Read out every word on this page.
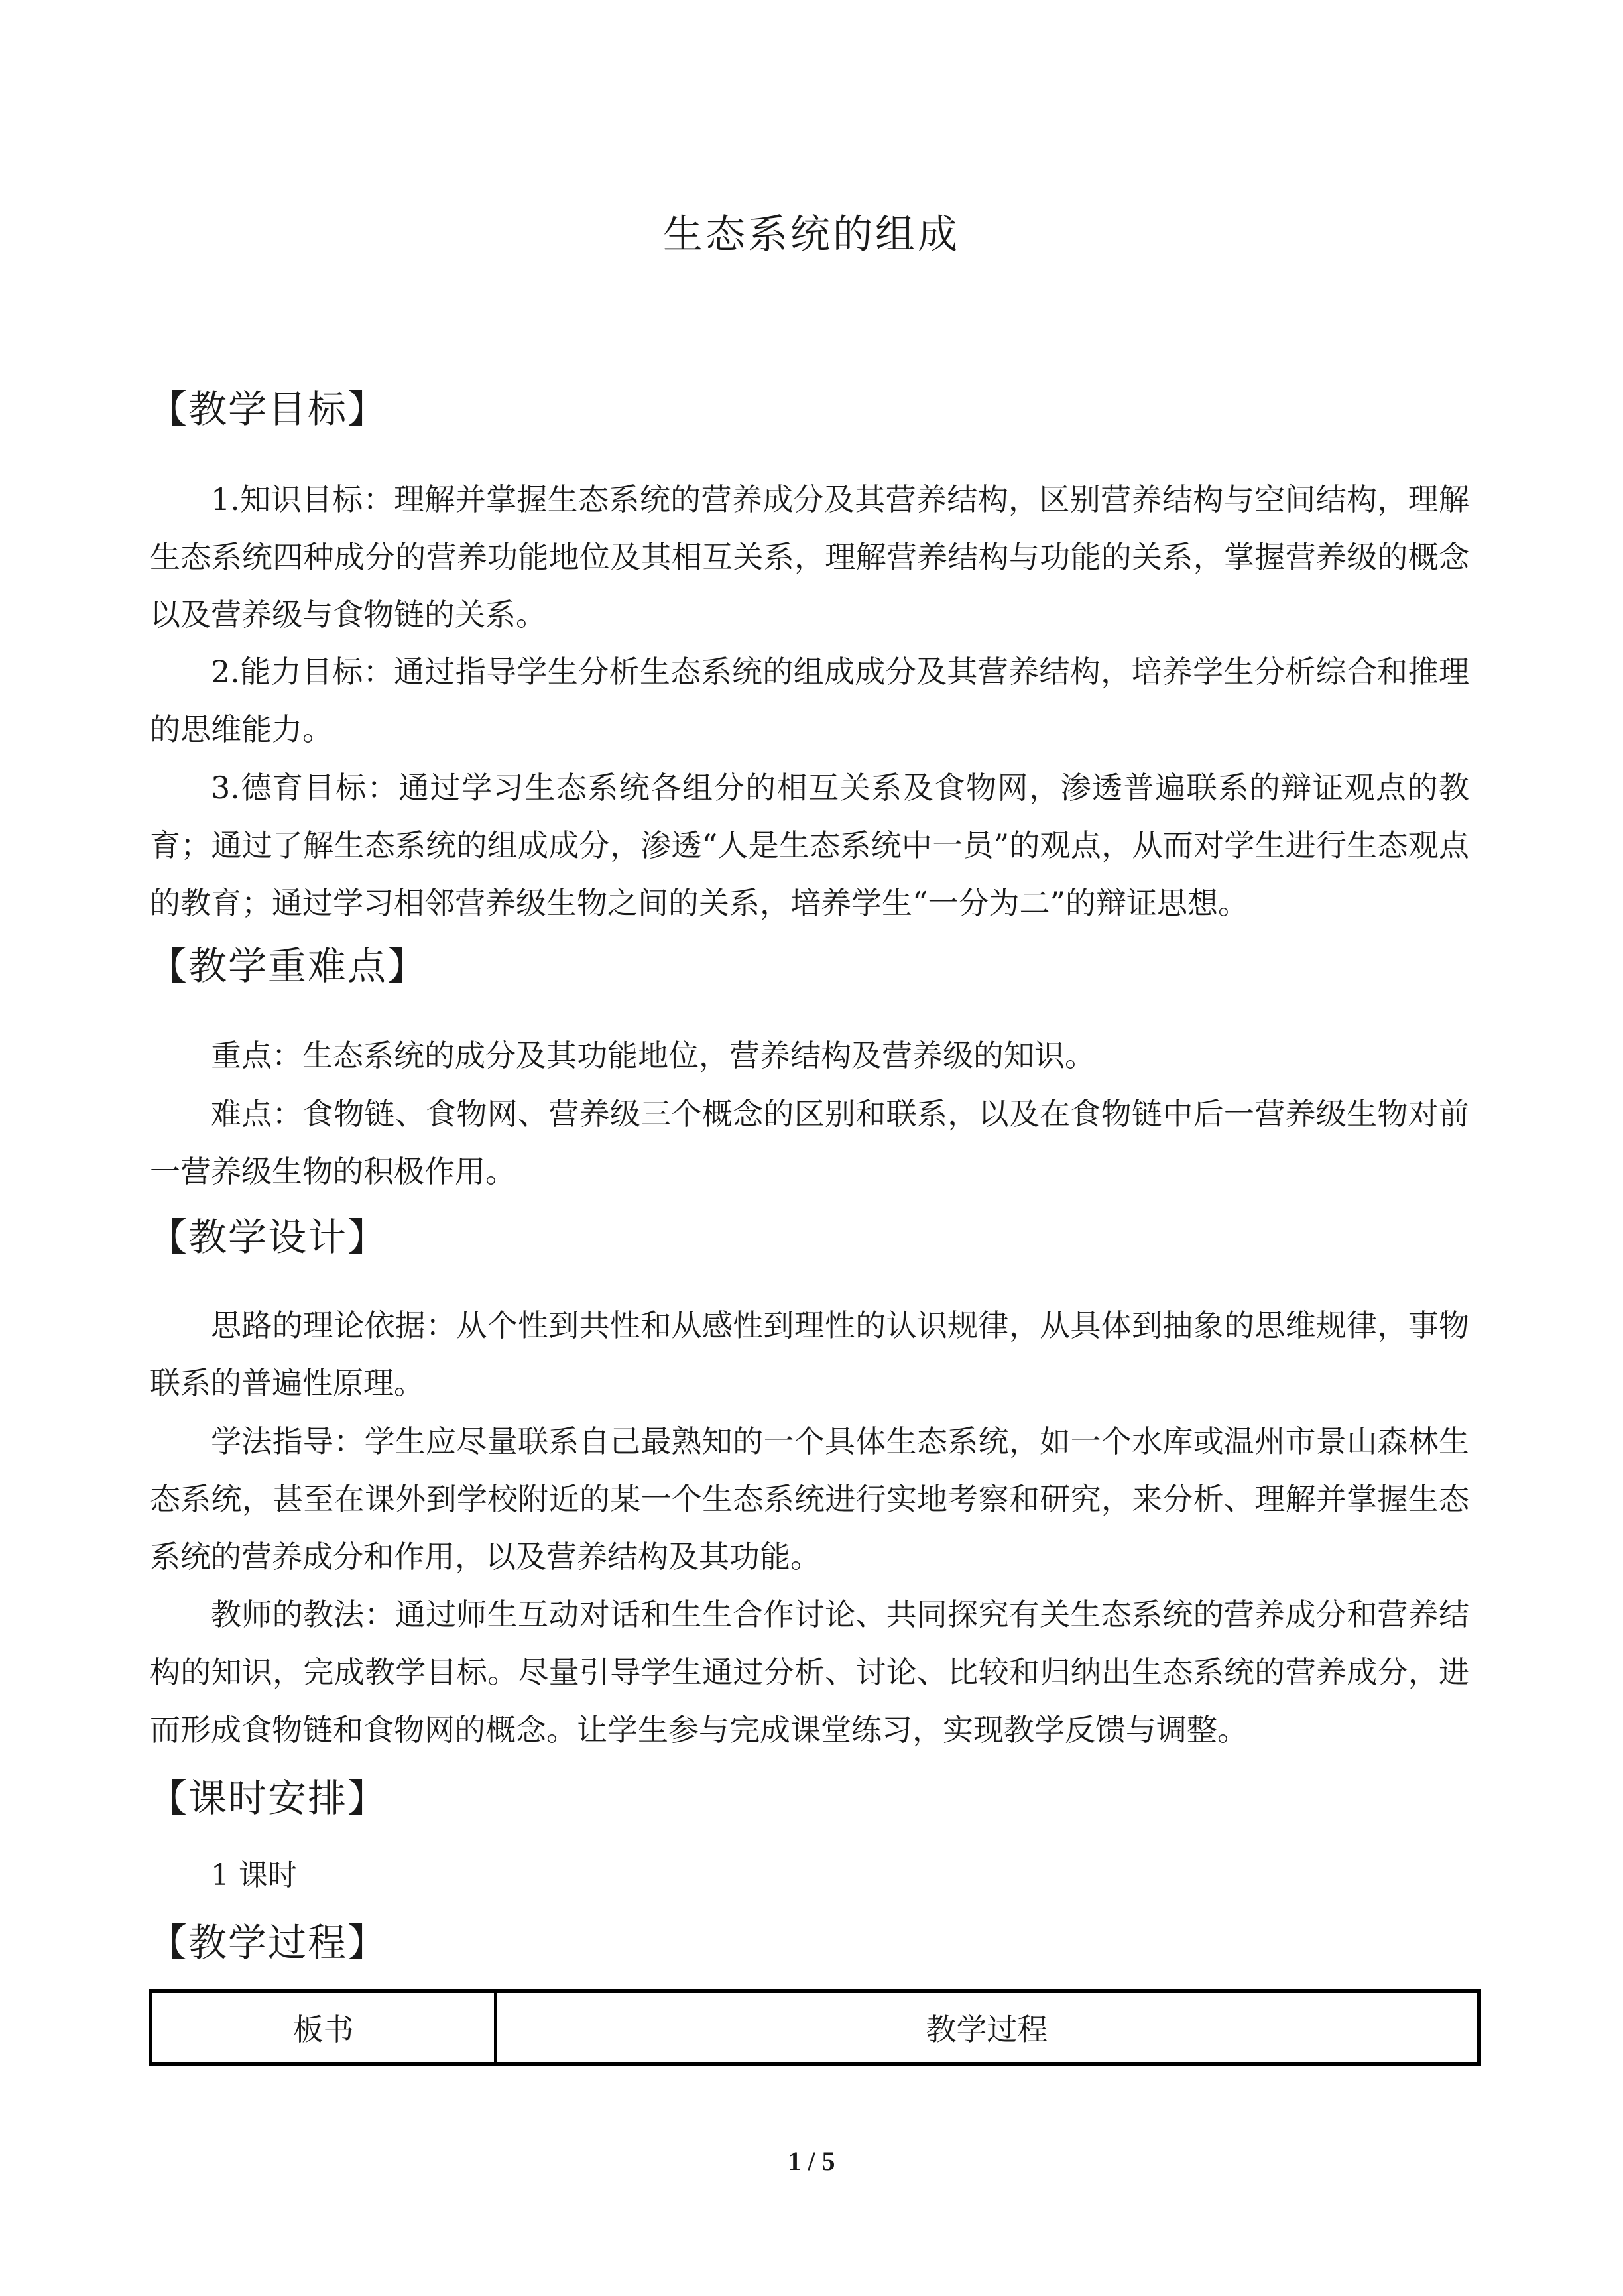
生态系统的组成
【教学目标】

1.知识目标：理解并掌握生态系统的营养成分及其营养结构，区别营养结构与空间结构，理解生态系统四种成分的营养功能地位及其相互关系，理解营养结构与功能的关系，掌握营养级的概念以及营养级与食物链的关系。

2.能力目标：通过指导学生分析生态系统的组成成分及其营养结构，培养学生分析综合和推理的思维能力。

3.德育目标：通过学习生态系统各组分的相互关系及食物网，渗透普遍联系的辩证观点的教育；通过了解生态系统的组成成分，渗透“人是生态系统中一员”的观点，从而对学生进行生态观点的教育；通过学习相邻营养级生物之间的关系，培养学生“一分为二”的辩证思想。

【教学重难点】

重点：生态系统的成分及其功能地位，营养结构及营养级的知识。

难点：食物链、食物网、营养级三个概念的区别和联系，以及在食物链中后一营养级生物对前一营养级生物的积极作用。

【教学设计】

思路的理论依据：从个性到共性和从感性到理性的认识规律，从具体到抽象的思维规律，事物联系的普遍性原理。

学法指导：学生应尽量联系自己最熟知的一个具体生态系统，如一个水库或温州市景山森林生态系统，甚至在课外到学校附近的某一个生态系统进行实地考察和研究，来分析、理解并掌握生态系统的营养成分和作用，以及营养结构及其功能。

教师的教法：通过师生互动对话和生生合作讨论、共同探究有关生态系统的营养成分和营养结 构的知识，完成教学目标。尽量引导学生通过分析、讨论、比较和归纳出生态系统的营养成分，进而形成食物链和食物网的概念。让学生参与完成课堂练习，实现教学反馈与调整。

【课时安排】
1 课时
【教学过程】
板书	教学过程
1 / 5
